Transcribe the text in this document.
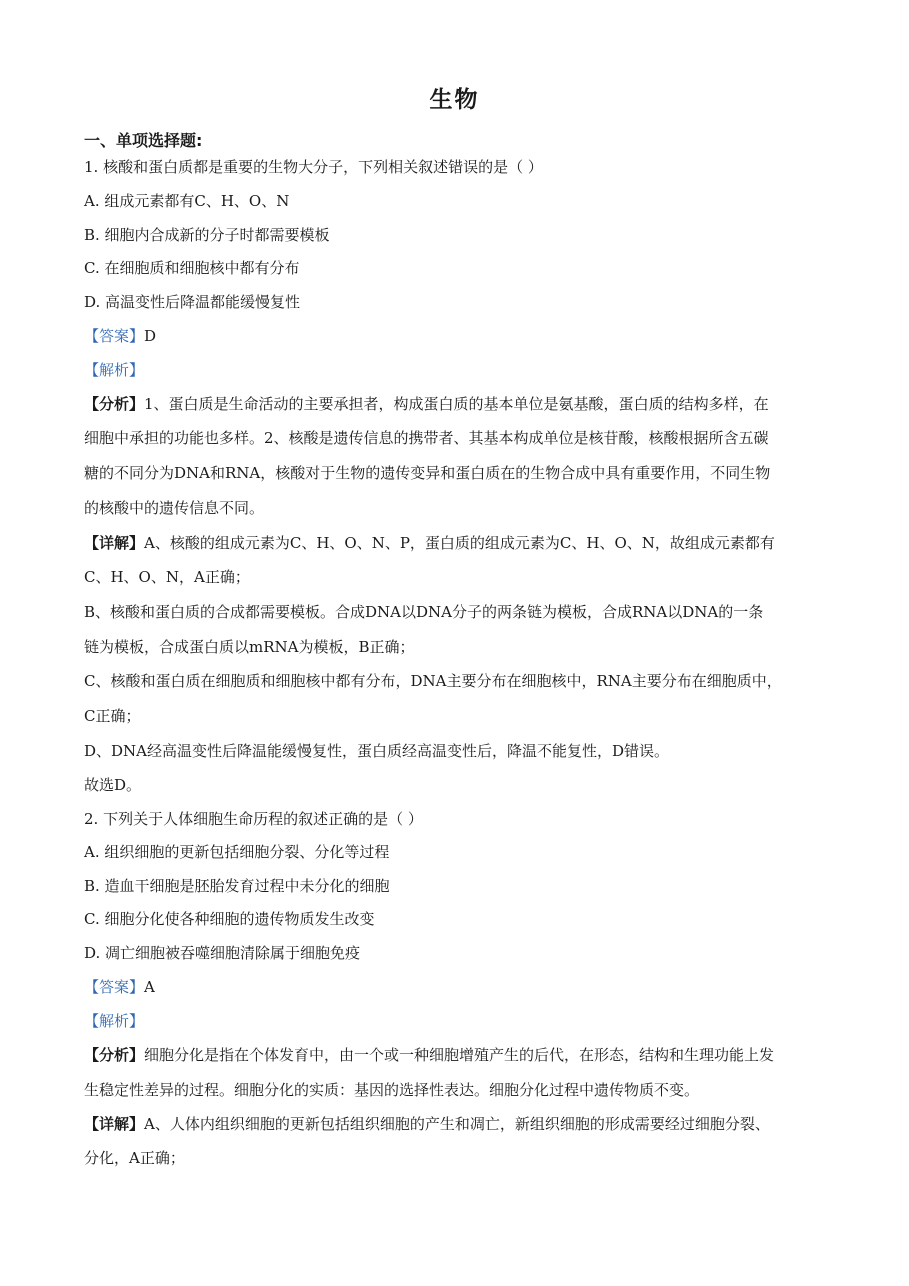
生物
一、单项选择题:
1. 核酸和蛋白质都是重要的生物大分子，下列相关叙述错误的是（ ）
A. 组成元素都有C、H、O、N
B. 细胞内合成新的分子时都需要模板
C. 在细胞质和细胞核中都有分布
D. 高温变性后降温都能缓慢复性
【答案】D
【解析】
【分析】1、蛋白质是生命活动的主要承担者，构成蛋白质的基本单位是氨基酸，蛋白质的结构多样，在
细胞中承担的功能也多样。2、核酸是遗传信息的携带者、其基本构成单位是核苷酸，核酸根据所含五碳
糖的不同分为DNA和RNA，核酸对于生物的遗传变异和蛋白质在的生物合成中具有重要作用，不同生物
的核酸中的遗传信息不同。
【详解】A、核酸的组成元素为C、H、O、N、P，蛋白质的组成元素为C、H、O、N，故组成元素都有
C、H、O、N，A正确；
B、核酸和蛋白质的合成都需要模板。合成DNA以DNA分子的两条链为模板，合成RNA以DNA的一条
链为模板，合成蛋白质以mRNA为模板，B正确；
C、核酸和蛋白质在细胞质和细胞核中都有分布，DNA主要分布在细胞核中，RNA主要分布在细胞质中，
C正确；
D、DNA经高温变性后降温能缓慢复性，蛋白质经高温变性后，降温不能复性，D错误。
故选D。
2. 下列关于人体细胞生命历程的叙述正确的是（ ）
A. 组织细胞的更新包括细胞分裂、分化等过程
B. 造血干细胞是胚胎发育过程中未分化的细胞
C. 细胞分化使各种细胞的遗传物质发生改变
D. 凋亡细胞被吞噬细胞清除属于细胞免疫
【答案】A
【解析】
【分析】细胞分化是指在个体发育中，由一个或一种细胞增殖产生的后代，在形态，结构和生理功能上发
生稳定性差异的过程。细胞分化的实质：基因的选择性表达。细胞分化过程中遗传物质不变。
【详解】A、人体内组织细胞的更新包括组织细胞的产生和凋亡，新组织细胞的形成需要经过细胞分裂、
分化，A正确；
